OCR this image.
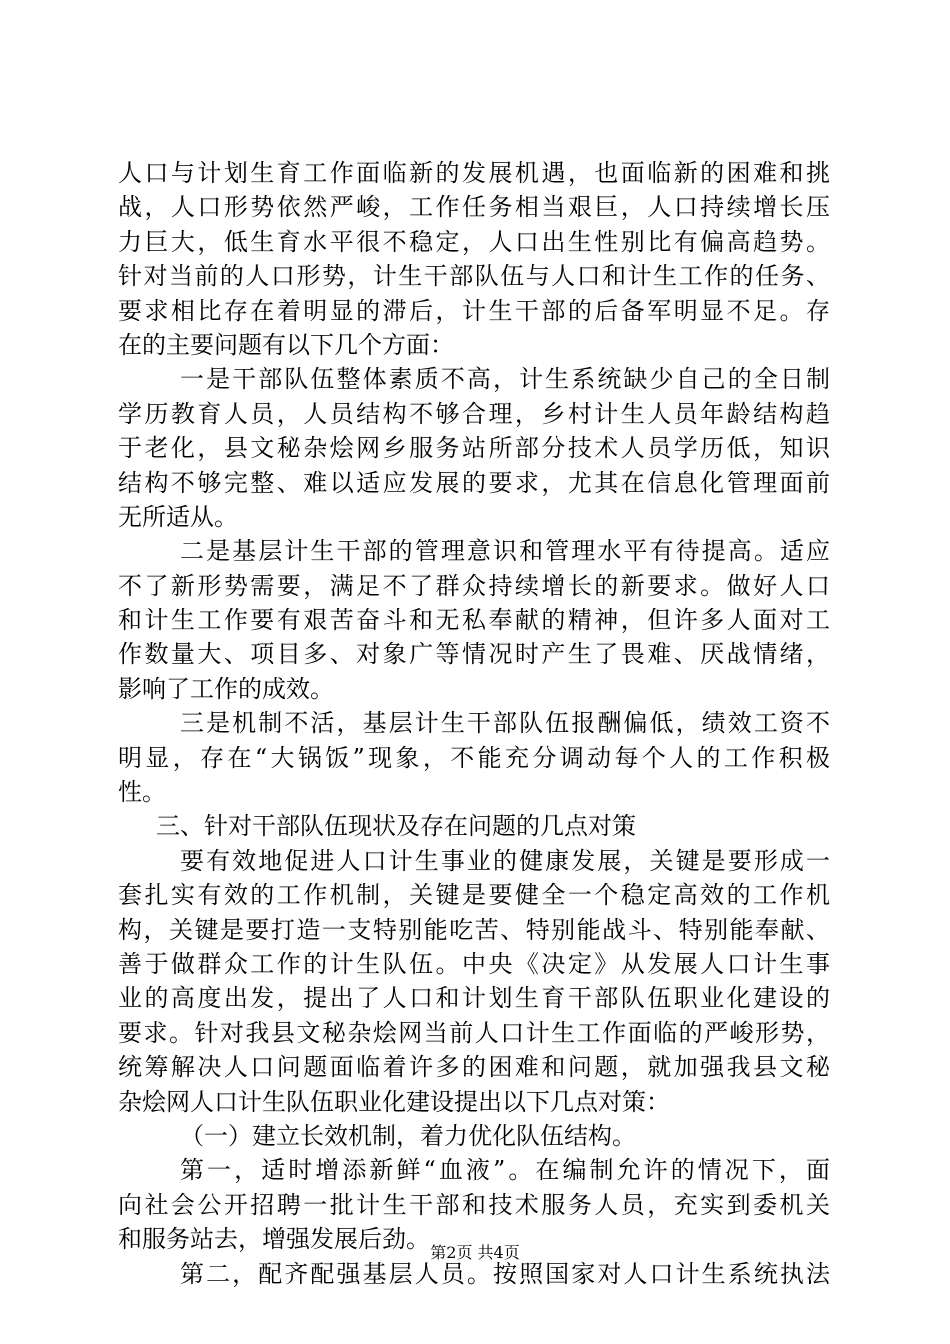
人口与计划生育工作面临新的发展机遇，也面临新的困难和挑
战，人口形势依然严峻，工作任务相当艰巨，人口持续增长压
力巨大，低生育水平很不稳定，人口出生性别比有偏高趋势。
针对当前的人口形势，计生干部队伍与人口和计生工作的任务、
要求相比存在着明显的滞后，计生干部的后备军明显不足。存
在的主要问题有以下几个方面：
一是干部队伍整体素质不高，计生系统缺少自己的全日制
学历教育人员，人员结构不够合理，乡村计生人员年龄结构趋
于老化，县文秘杂烩网乡服务站所部分技术人员学历低，知识
结构不够完整、难以适应发展的要求，尤其在信息化管理面前
无所适从。
二是基层计生干部的管理意识和管理水平有待提高。适应
不了新形势需要，满足不了群众持续增长的新要求。做好人口
和计生工作要有艰苦奋斗和无私奉献的精神，但许多人面对工
作数量大、项目多、对象广等情况时产生了畏难、厌战情绪，
影响了工作的成效。
三是机制不活，基层计生干部队伍报酬偏低，绩效工资不
明显，存在“大锅饭”现象，不能充分调动每个人的工作积极
性。
三、针对干部队伍现状及存在问题的几点对策
要有效地促进人口计生事业的健康发展，关键是要形成一
套扎实有效的工作机制，关键是要健全一个稳定高效的工作机
构，关键是要打造一支特别能吃苦、特别能战斗、特别能奉献、
善于做群众工作的计生队伍。中央《决定》从发展人口计生事
业的高度出发，提出了人口和计划生育干部队伍职业化建设的
要求。针对我县文秘杂烩网当前人口计生工作面临的严峻形势，
统筹解决人口问题面临着许多的困难和问题，就加强我县文秘
杂烩网人口计生队伍职业化建设提出以下几点对策：
（一）建立长效机制，着力优化队伍结构。
第一，适时增添新鲜“血液”。在编制允许的情况下，面
向社会公开招聘一批计生干部和技术服务人员，充实到委机关
和服务站去，增强发展后劲。
第二，配齐配强基层人员。按照国家对人口计生系统执法
第2页 共4页
